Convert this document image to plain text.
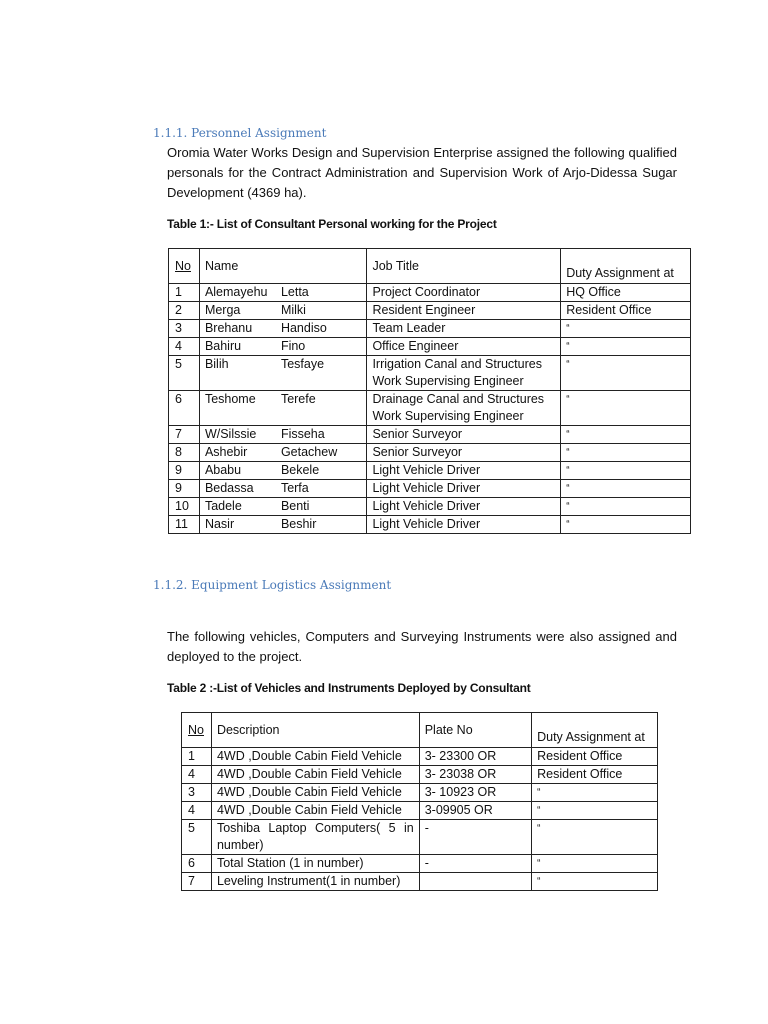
1.1.1. Personnel Assignment
Oromia Water Works Design and Supervision Enterprise assigned the following qualified
personals for the Contract Administration and Supervision Work of Arjo-Didessa Sugar
Development (4369 ha).
Table 1:- List of Consultant Personal working for the Project
No	Name	Job Title	Duty Assignment at
1	Alemayehu Letta	Project Coordinator	HQ Office
2	Merga Milki	Resident Engineer	Resident Office
3	Brehanu Handiso	Team Leader	“
4	Bahiru Fino	Office Engineer	“
5	Bilih Tesfaye	Irrigation Canal and Structures
Work Supervising Engineer	“
6	Teshome Terefe	Drainage Canal and Structures
Work Supervising Engineer	“
7	W/Silssie Fisseha	Senior Surveyor	“
8	Ashebir Getachew	Senior Surveyor	“
9	Ababu Bekele	Light Vehicle Driver	“
9	Bedassa Terfa	Light Vehicle Driver	“
10	Tadele Benti	Light Vehicle Driver	“
11	Nasir Beshir	Light Vehicle Driver	“
1.1.2. Equipment Logistics Assignment
The following vehicles, Computers and Surveying Instruments were also assigned and
deployed to the project.
Table 2 :-List of Vehicles and Instruments Deployed by Consultant
No	Description	Plate No	Duty Assignment at
1	4WD ,Double Cabin Field Vehicle	3- 23300 OR	Resident Office
4	4WD ,Double Cabin Field Vehicle	3- 23038 OR	Resident Office
3	4WD ,Double Cabin Field Vehicle	3- 10923 OR	“
4	4WD ,Double Cabin Field Vehicle	3-09905 OR	“
5	Toshiba Laptop Computers( 5 in
number)	-	“
6	Total Station (1 in number)	-	“
7	Leveling Instrument(1 in number)		“
